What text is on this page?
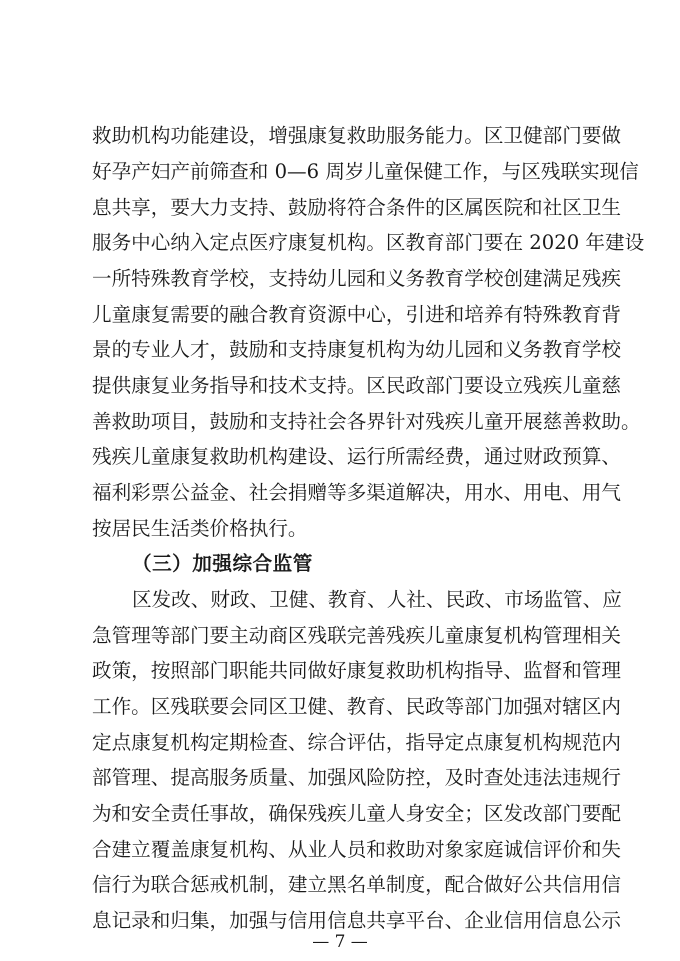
救助机构功能建设，增强康复救助服务能力。区卫健部门要做
好孕产妇产前筛查和 0—6 周岁儿童保健工作，与区残联实现信
息共享，要大力支持、鼓励将符合条件的区属医院和社区卫生
服务中心纳入定点医疗康复机构。区教育部门要在 2020 年建设
一所特殊教育学校，支持幼儿园和义务教育学校创建满足残疾
儿童康复需要的融合教育资源中心，引进和培养有特殊教育背
景的专业人才，鼓励和支持康复机构为幼儿园和义务教育学校
提供康复业务指导和技术支持。区民政部门要设立残疾儿童慈
善救助项目，鼓励和支持社会各界针对残疾儿童开展慈善救助。
残疾儿童康复救助机构建设、运行所需经费，通过财政预算、
福利彩票公益金、社会捐赠等多渠道解决，用水、用电、用气
按居民生活类价格执行。
（三）加强综合监管
区发改、财政、卫健、教育、人社、民政、市场监管、应
急管理等部门要主动商区残联完善残疾儿童康复机构管理相关
政策，按照部门职能共同做好康复救助机构指导、监督和管理
工作。区残联要会同区卫健、教育、民政等部门加强对辖区内
定点康复机构定期检查、综合评估，指导定点康复机构规范内
部管理、提高服务质量、加强风险防控，及时查处违法违规行
为和安全责任事故，确保残疾儿童人身安全；区发改部门要配
合建立覆盖康复机构、从业人员和救助对象家庭诚信评价和失
信行为联合惩戒机制，建立黑名单制度，配合做好公共信用信
息记录和归集，加强与信用信息共享平台、企业信用信息公示
— 7 —
